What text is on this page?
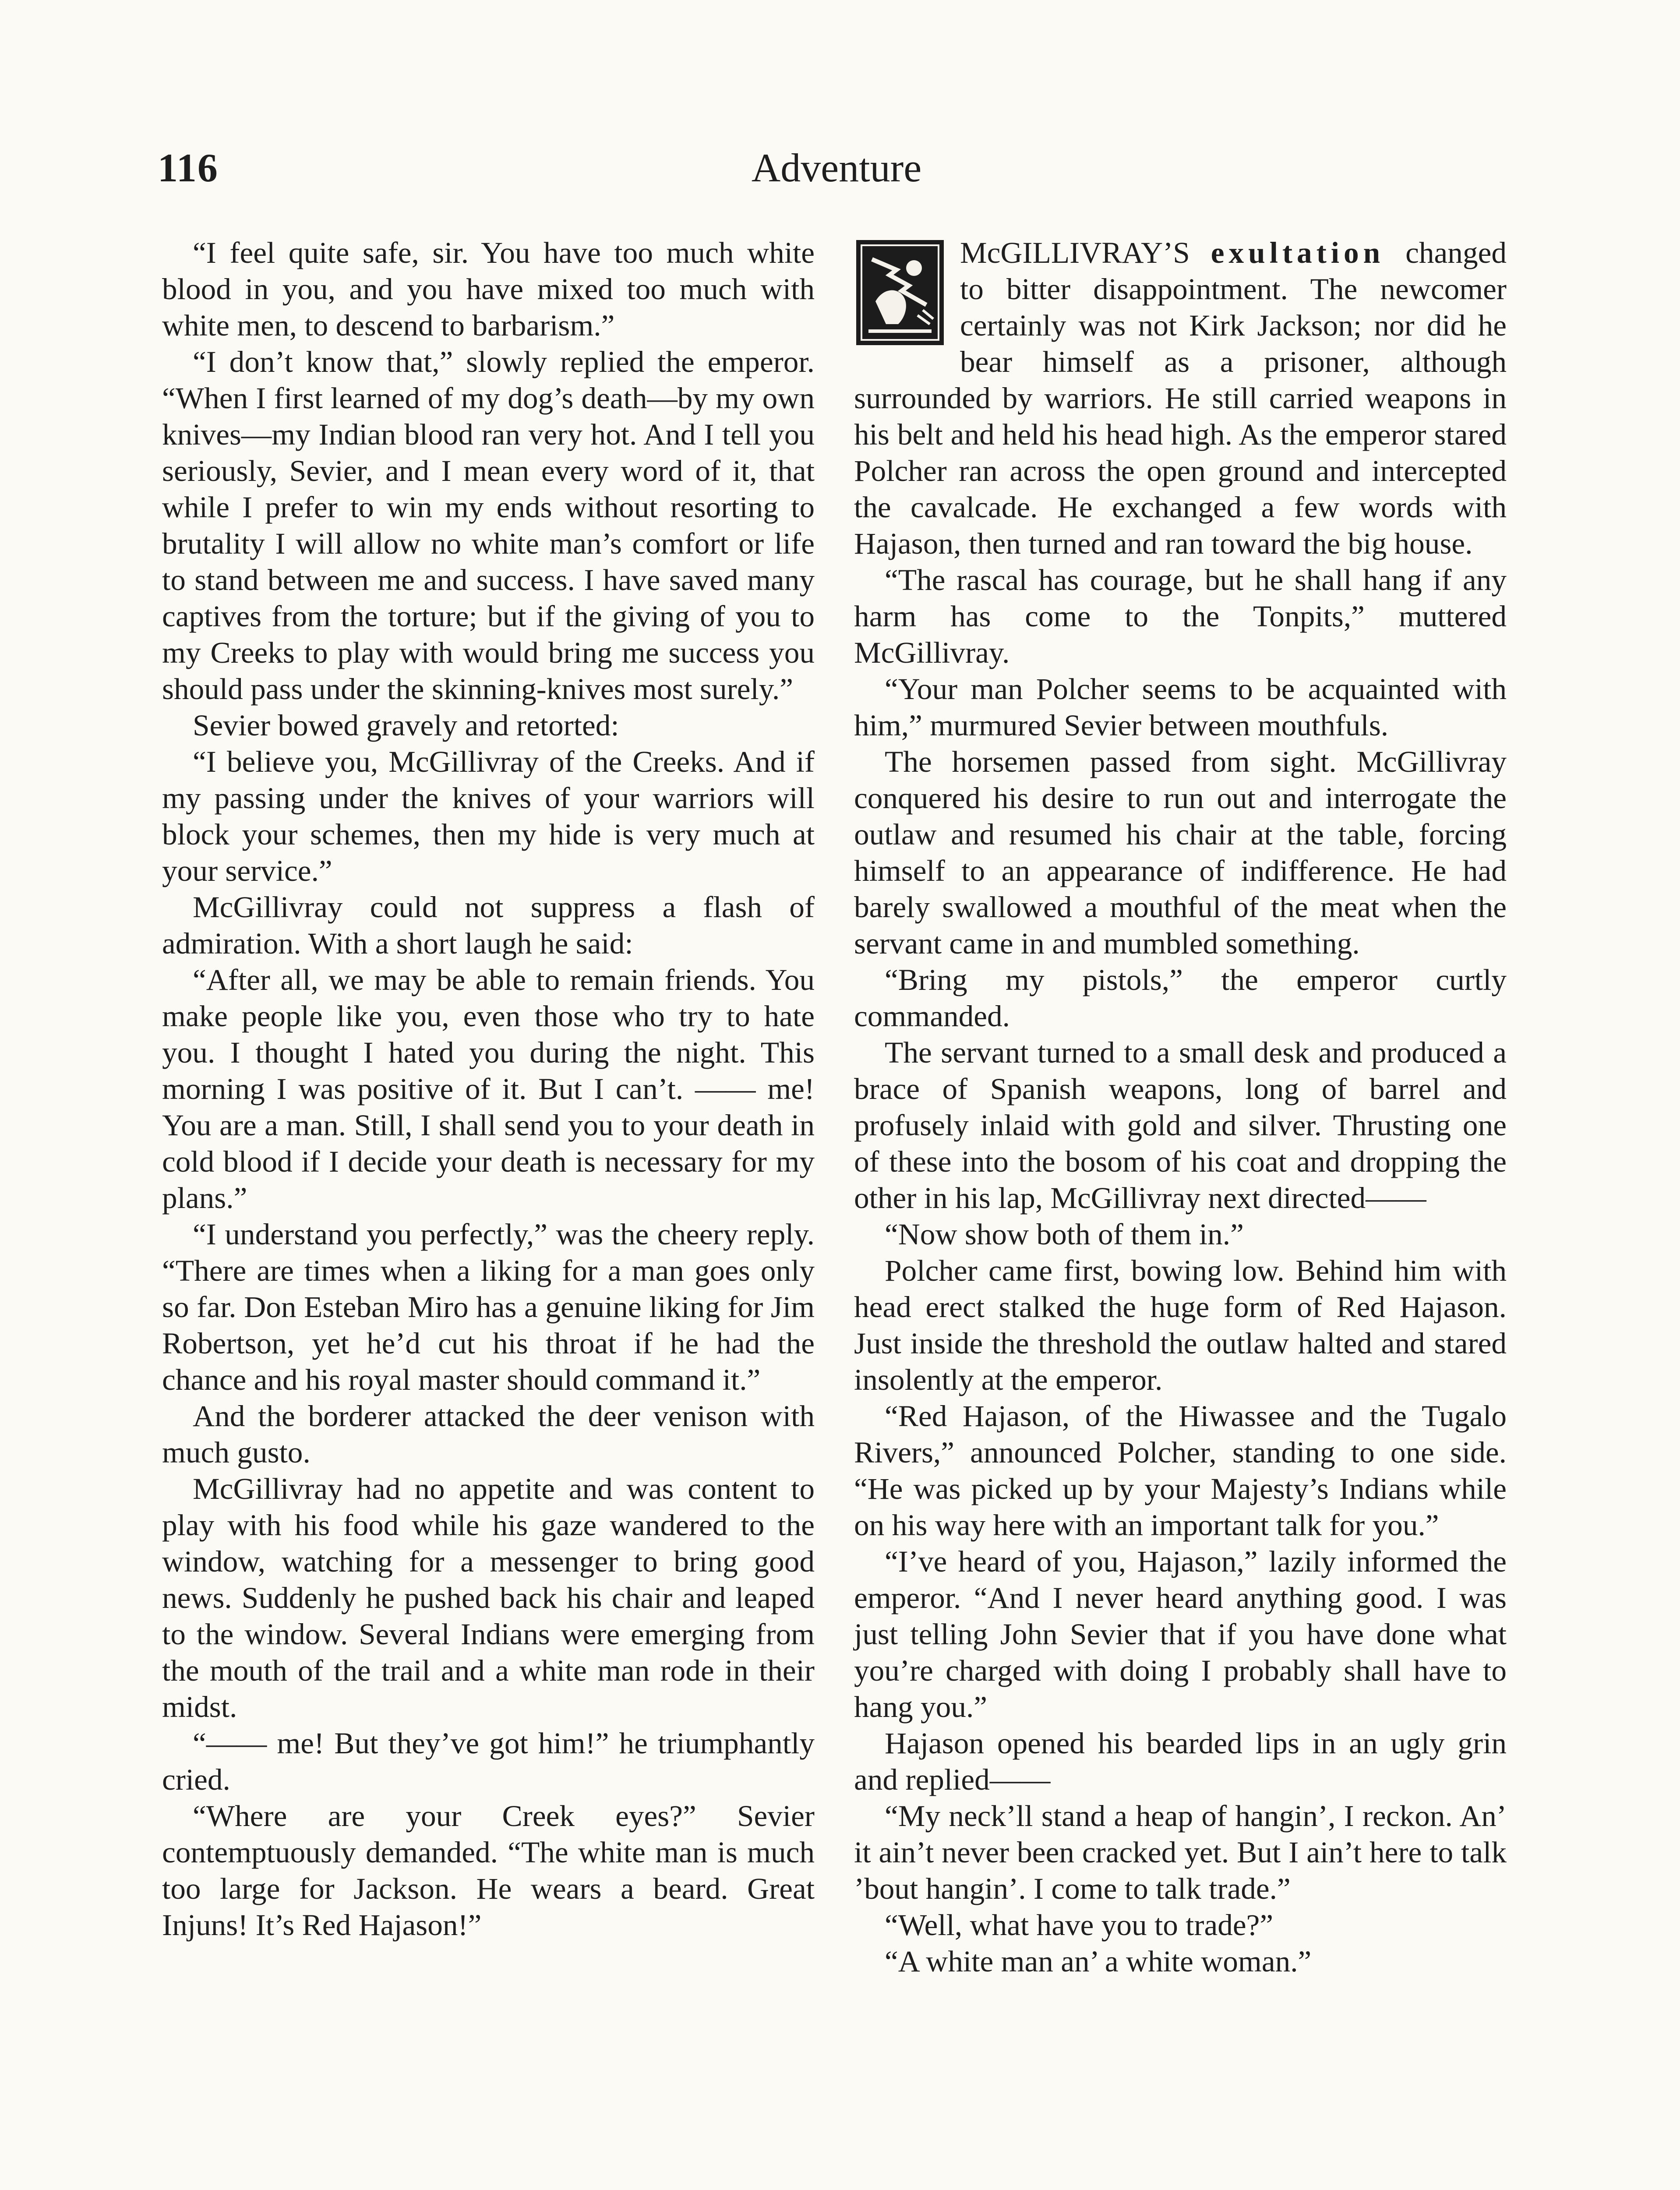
116	Adventure

“I feel quite safe, sir. You have too much white blood in you, and you have mixed too much with white men, to descend to barbarism.”

“I don’t know that,” slowly replied the emperor. “When I first learned of my dog’s death—by my own knives—my Indian blood ran very hot. And I tell you seriously, Sevier, and I mean every word of it, that while I prefer to win my ends without resorting to brutality I will allow no white man’s comfort or life to stand between me and success. I have saved many captives from the torture; but if the giving of you to my Creeks to play with would bring me success you should pass under the skinning-knives most surely.”

Sevier bowed gravely and retorted:

“I believe you, McGillivray of the Creeks. And if my passing under the knives of your warriors will block your schemes, then my hide is very much at your service.”

McGillivray could not suppress a flash of admiration. With a short laugh he said:

“After all, we may be able to remain friends. You make people like you, even those who try to hate you. I thought I hated you during the night. This morning I was positive of it. But I can’t. —— me! You are a man. Still, I shall send you to your death in cold blood if I decide your death is necessary for my plans.”

“I understand you perfectly,” was the cheery reply. “There are times when a liking for a man goes only so far. Don Esteban Miro has a genuine liking for Jim Robertson, yet he’d cut his throat if he had the chance and his royal master should command it.”

And the borderer attacked the deer venison with much gusto.

McGillivray had no appetite and was content to play with his food while his gaze wandered to the window, watching for a messenger to bring good news. Suddenly he pushed back his chair and leaped to the window. Several Indians were emerging from the mouth of the trail and a white man rode in their midst.

“—— me! But they’ve got him!” he triumphantly cried.

“Where are your Creek eyes?” Sevier contemptuously demanded. “The white man is much too large for Jackson. He wears a beard. Great Injuns! It’s Red Hajason!”

McGILLIVRAY’S exultation changed to bitter disappointment. The newcomer certainly was not Kirk Jackson; nor did he bear himself as a prisoner, although surrounded by warriors. He still carried weapons in his belt and held his head high. As the emperor stared Polcher ran across the open ground and intercepted the cavalcade. He exchanged a few words with Hajason, then turned and ran toward the big house.

“The rascal has courage, but he shall hang if any harm has come to the Tonpits,” muttered McGillivray.

“Your man Polcher seems to be acquainted with him,” murmured Sevier between mouthfuls.

The horsemen passed from sight. McGillivray conquered his desire to run out and interrogate the outlaw and resumed his chair at the table, forcing himself to an appearance of indifference. He had barely swallowed a mouthful of the meat when the servant came in and mumbled something.

“Bring my pistols,” the emperor curtly commanded.

The servant turned to a small desk and produced a brace of Spanish weapons, long of barrel and profusely inlaid with gold and silver. Thrusting one of these into the bosom of his coat and dropping the other in his lap, McGillivray next directed——

“Now show both of them in.”

Polcher came first, bowing low. Behind him with head erect stalked the huge form of Red Hajason. Just inside the threshold the outlaw halted and stared insolently at the emperor.

“Red Hajason, of the Hiwassee and the Tugalo Rivers,” announced Polcher, standing to one side. “He was picked up by your Majesty’s Indians while on his way here with an important talk for you.”

“I’ve heard of you, Hajason,” lazily informed the emperor. “And I never heard anything good. I was just telling John Sevier that if you have done what you’re charged with doing I probably shall have to hang you.”

Hajason opened his bearded lips in an ugly grin and replied——

“My neck’ll stand a heap of hangin’, I reckon. An’ it ain’t never been cracked yet. But I ain’t here to talk ’bout hangin’. I come to talk trade.”

“Well, what have you to trade?”

“A white man an’ a white woman.”
